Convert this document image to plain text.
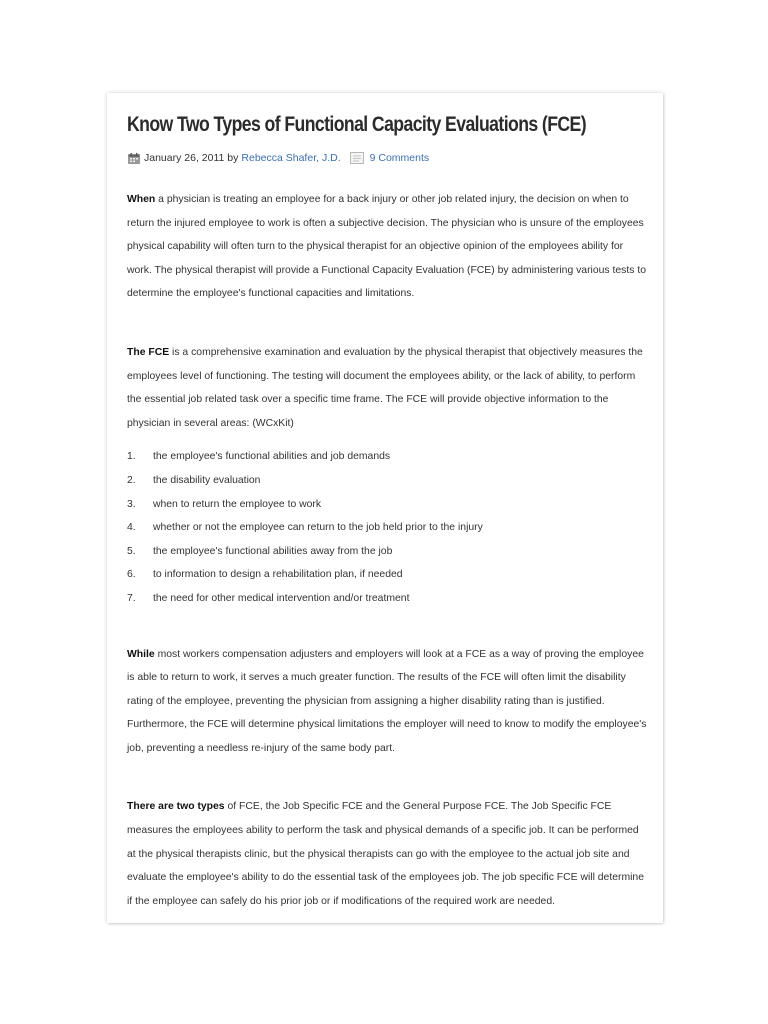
Know Two Types of Functional Capacity Evaluations (FCE)
January 26, 2011
by Rebecca Shafer, J.D.	9 Comments

When a physician is treating an employee for a back injury or other job related injury, the decision on when to return the injured employee to work is often a subjective decision. The physician who is unsure of the employees physical capability will often turn to the physical therapist for an objective opinion of the employees ability for work. The physical therapist will provide a Functional Capacity Evaluation (FCE) by administering various tests to determine the employee's functional capacities and limitations.

The FCE is a comprehensive examination and evaluation by the physical therapist that objectively measures the employees level of functioning. The testing will document the employees ability, or the lack of ability, to perform the essential job related task over a specific time frame. The FCE will provide objective information to the physician in several areas: (WCxKit)

1.	the employee's functional abilities and job demands
2.	the disability evaluation
3.	when to return the employee to work
4.	whether or not the employee can return to the job held prior to the injury
5.	the employee's functional abilities away from the job
6.	to information to design a rehabilitation plan, if needed
7.	the need for other medical intervention and/or treatment

While most workers compensation adjusters and employers will look at a FCE as a way of proving the employee is able to return to work, it serves a much greater function. The results of the FCE will often limit the disability rating of the employee, preventing the physician from assigning a higher disability rating than is justified. Furthermore, the FCE will determine physical limitations the employer will need to know to modify the employee's job, preventing a needless re-injury of the same body part.

There are two types of FCE, the Job Specific FCE and the General Purpose FCE. The Job Specific FCE measures the employees ability to perform the task and physical demands of a specific job. It can be performed at the physical therapists clinic, but the physical therapists can go with the employee to the actual job site and evaluate the employee's ability to do the essential task of the employees job. The job specific FCE will determine if the employee can safely do his prior job or if modifications of the required work are needed.
